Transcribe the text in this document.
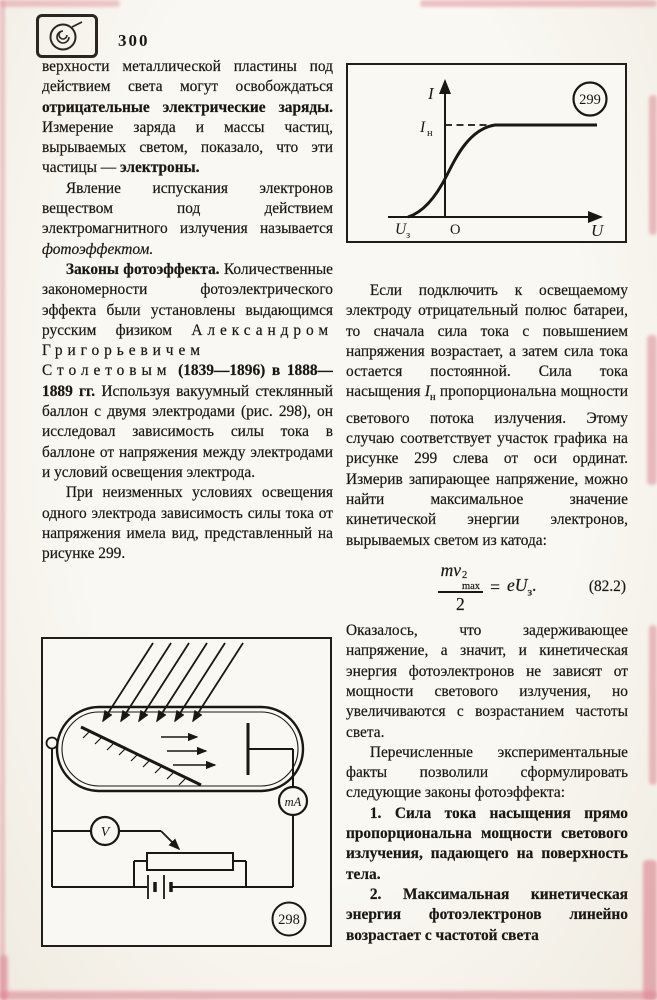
300

верхности металлической пластины под действием света могут освобождаться отрицательные электрические заряды. Измерение заряда и массы частиц, вырываемых светом, показало, что эти частицы — электроны.

Явление испускания электронов веществом под действием электромагнитного излучения называется фотоэффектом.

Законы фотоэффекта. Количественные закономерности фотоэлектрического эффекта были установлены выдающимся русским физиком Александром Григорьевичем Столетовым (1839—1896) в 1888—1889 гг. Используя вакуумный стеклянный баллон с двумя электродами (рис. 298), он исследовал зависимость силы тока в баллоне от напряжения между электродами и условий освещения электрода.

При неизменных условиях освещения одного электрода зависимость силы тока от напряжения имела вид, представленный на рисунке 299.

I
U
O
I н
U з
299

Если подключить к освещаемому электроду отрицательный полюс батареи, то сначала сила тока с повышением напряжения возрастает, а затем сила тока остается постоянной. Сила тока насыщения $I_н$ пропорциональна мощности светового потока излучения. Этому случаю соответствует участок графика на рисунке 299 слева от оси ординат. Измерив запирающее напряжение, можно найти максимальное значение кинетической энергии электронов, вырываемых светом из катода:

mv 2
max
$2 = eU_з$.	(82.2)

Оказалось, что задерживающее напряжение, а значит, и кинетическая энергия фотоэлектронов не зависят от мощности светового излучения, но увеличиваются с возрастанием частоты света.

Перечисленные экспериментальные факты позволили сформулировать следующие законы фотоэффекта:

1. Сила тока насыщения прямо пропорциональна мощности светового излучения, падающего на поверхность тела.

2. Максимальная кинетическая энергия фотоэлектронов линейно возрастает с частотой света

mA
V
298
